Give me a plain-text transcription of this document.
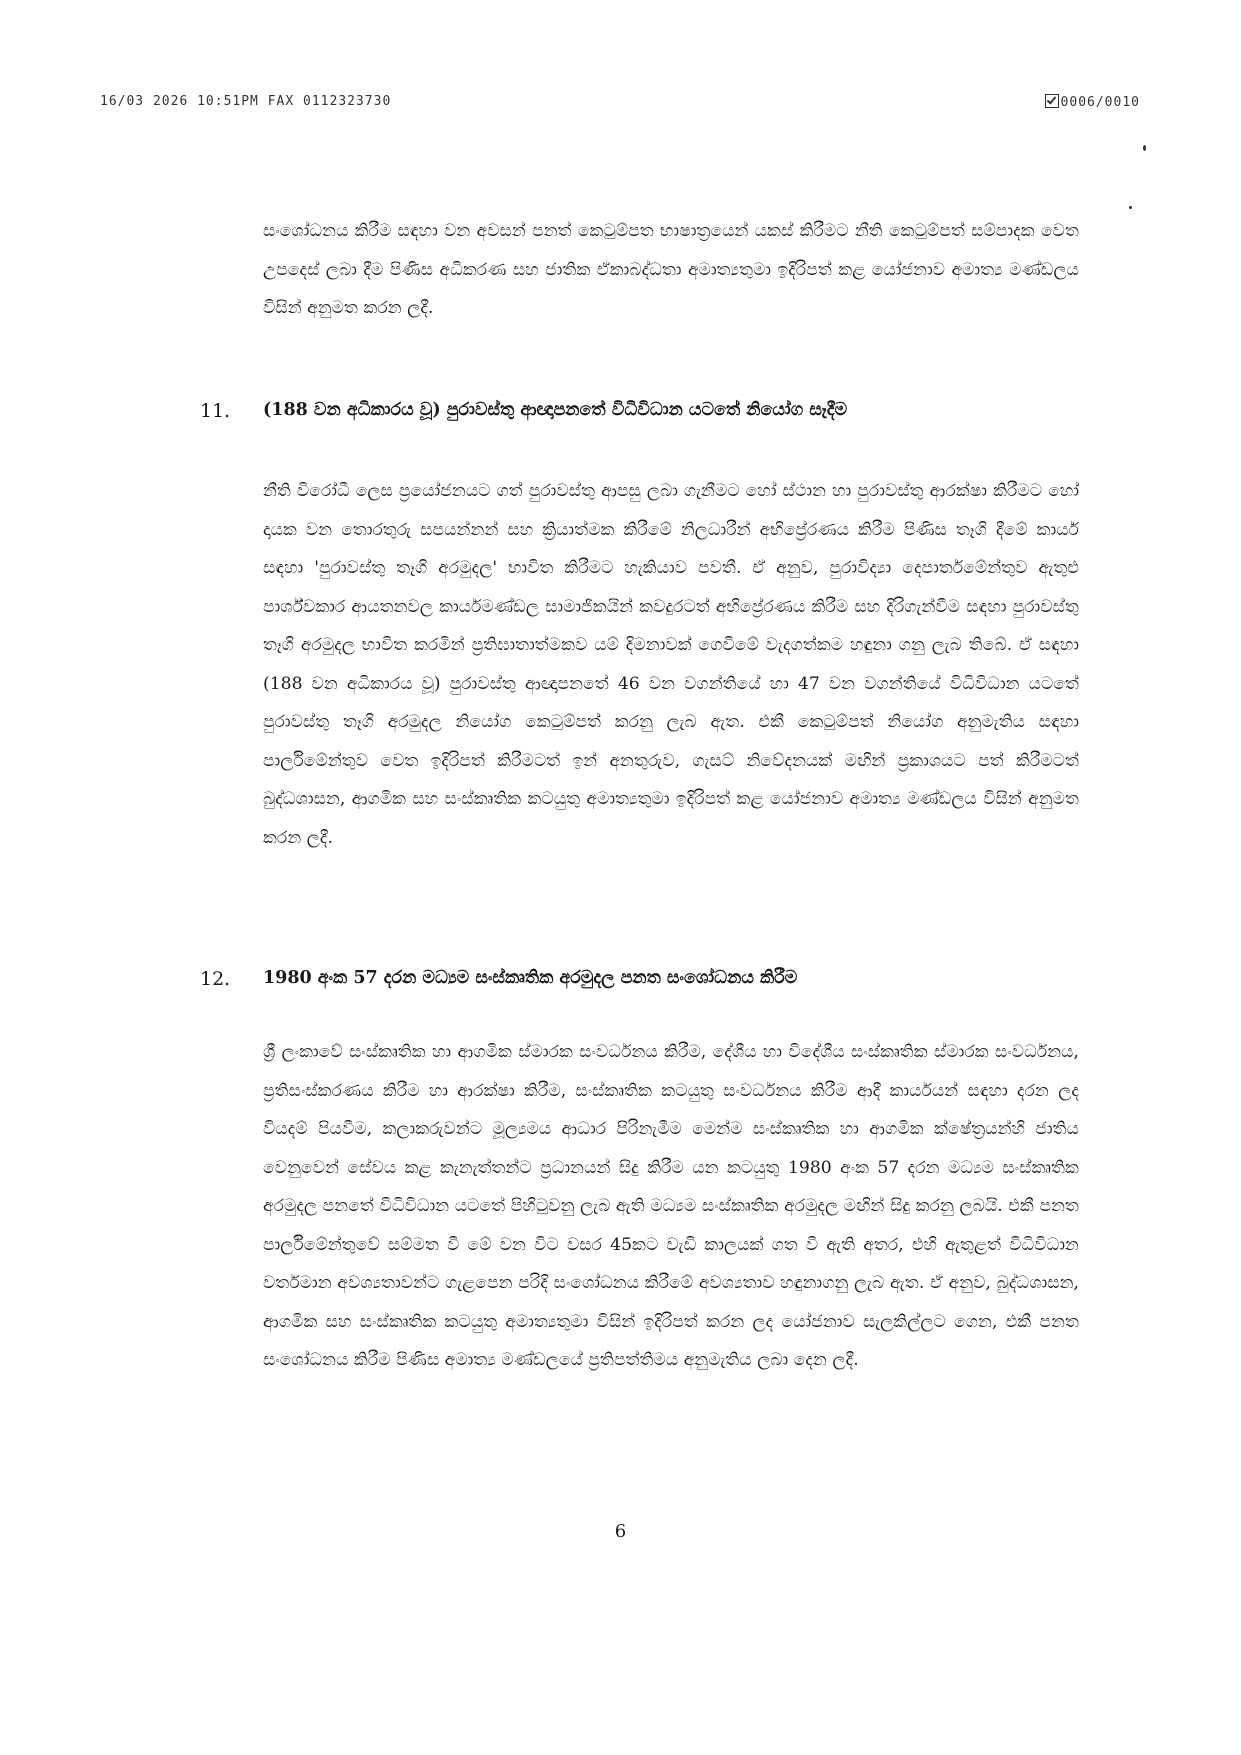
16/03 2026 10:51PM FAX 0112323730	0006/0010

සංශෝධනය කිරීම සඳහා වන අවසන් පනත් කෙටුම්පත භාෂාත්‍රයෙන් යකස් කිරීමට නීති කෙටුම්පත් සම්පාදක වෙත උපදෙස් ලබා දීම පිණිස අධිකරණ සහ ජාතික ඒකාබද්ධතා අමාත්‍යතුමා ඉදිරිපත් කළ යෝජනාව අමාත්‍ය මණ්ඩලය විසින් අනුමත කරන ලදී.

11. (188 වන අධිකාරය වූ) පුරාවස්තු ආඥාපනතේ විධිවිධාන යටතේ නියෝග සෑදීම

නීති විරෝධී ලෙස ප්‍රයෝජනයට ගත් පුරාවස්තු ආපසු ලබා ගැනීමට හෝ ස්ථාන හා පුරාවස්තු ආරක්ෂා කිරීමට හෝ දායක වන තොරතුරු සපයන්නන් සහ ක්‍රියාත්මක කිරීමේ නිලධාරීන් අභිප්‍රේරණය කිරීම පිණිස තෑගි දීමේ කාර්ය සඳහා 'පුරාවස්තු තෑගි අරමුදල' භාවිත කිරීමට හැකියාව පවතී. ඒ අනුව, පුරාවිද්‍යා දෙපාර්තමේන්තුව ඇතුළු පාර්ශ්වකාර ආයතනවල කාර්යමණ්ඩල සාමාජිකයින් කවදුරටත් අභිප්‍රේරණය කිරීම සහ දිරිගැන්වීම සඳහා පුරාවස්තු තෑගි අරමුදල භාවිත කරමින් ප්‍රතිඝාතාත්මකව යම් දිමනාවක් ගෙවීමේ වැදගත්කම හඳුනා ගනු ලැබ තිබේ. ඒ සඳහා (188 වන අධිකාරය වූ) පුරාවස්තු ආඥාපනතේ 46 වන වගන්තියේ හා 47 වන වගන්තියේ විධිවිධාන යටතේ පුරාවස්තු තෑගි අරමුදල නියෝග කෙටුම්පත් කරනු ලැබ ඇත. එකී කෙටුම්පත් නියෝග අනුමැතිය සඳහා පාර්ලිමේන්තුව වෙත ඉදිරිපත් කිරීමටත් ඉන් අනතුරුව, ගැසට් නිවේදනයක් මඟින් ප්‍රකාශයට පත් කිරීමටත් බුද්ධශාසන, ආගමික සහ සංස්කෘතික කටයුතු අමාත්‍යතුමා ඉදිරිපත් කළ යෝජනාව අමාත්‍ය මණ්ඩලය විසින් අනුමත කරන ලදී.

12. 1980 අංක 57 දරන මධ්‍යම සංස්කෘතික අරමුදල පනත සංශෝධනය කිරීම

ශ්‍රී ලංකාවේ සංස්කෘතික හා ආගමික ස්මාරක සංවර්ධනය කිරීම, දේශීය හා විදේශීය සංස්කෘතික ස්මාරක සංවර්ධනය, ප්‍රතිසංස්කරණය කිරීම හා ආරක්ෂා කිරීම, සංස්කෘතික කටයුතු සංවර්ධනය කිරීම ආදී කාර්යයන් සඳහා දරන ලද වියදම් පියවීම, කලාකරුවන්ට මූල්‍යමය ආධාර පිරිනැමීම මෙන්ම සංස්කෘතික හා ආගමික ක්ෂේත්‍රයන්හි ජාතිය වෙනුවෙන් සේවය කළ කැනැත්තන්ට ප්‍රධානයන් සිදු කිරීම යන කටයුතු 1980 අංක 57 දරන මධ්‍යම සංස්කෘතික අරමුදල පනතේ විධිවිධාන යටතේ පිහිටුවනු ලැබ ඇති මධ්‍යම සංස්කෘතික අරමුදල මඟින් සිදු කරනු ලබයි. එකී පනත පාර්ලිමේන්තුවේ සම්මත වී මේ වන විට වසර 45කට වැඩි කාලයක් ගත වී ඇති අතර, එහි ඇතුළත් විධිවිධාන වර්තමාන අවශ්‍යතාවන්ට ගැළපෙන පරිදි සංශෝධනය කිරීමේ අවශ්‍යතාව හඳුනාගනු ලැබ ඇත. ඒ අනුව, බුද්ධශාසන, ආගමික සහ සංස්කෘතික කටයුතු අමාත්‍යතුමා විසින් ඉදිරිපත් කරන ලද යෝජනාව සැලකිල්ලට ගෙන, එකී පනත සංශෝධනය කිරීම පිණිස අමාත්‍ය මණ්ඩලයේ ප්‍රතිපත්තිමය අනුමැතිය ලබා දෙන ලදී.

6
